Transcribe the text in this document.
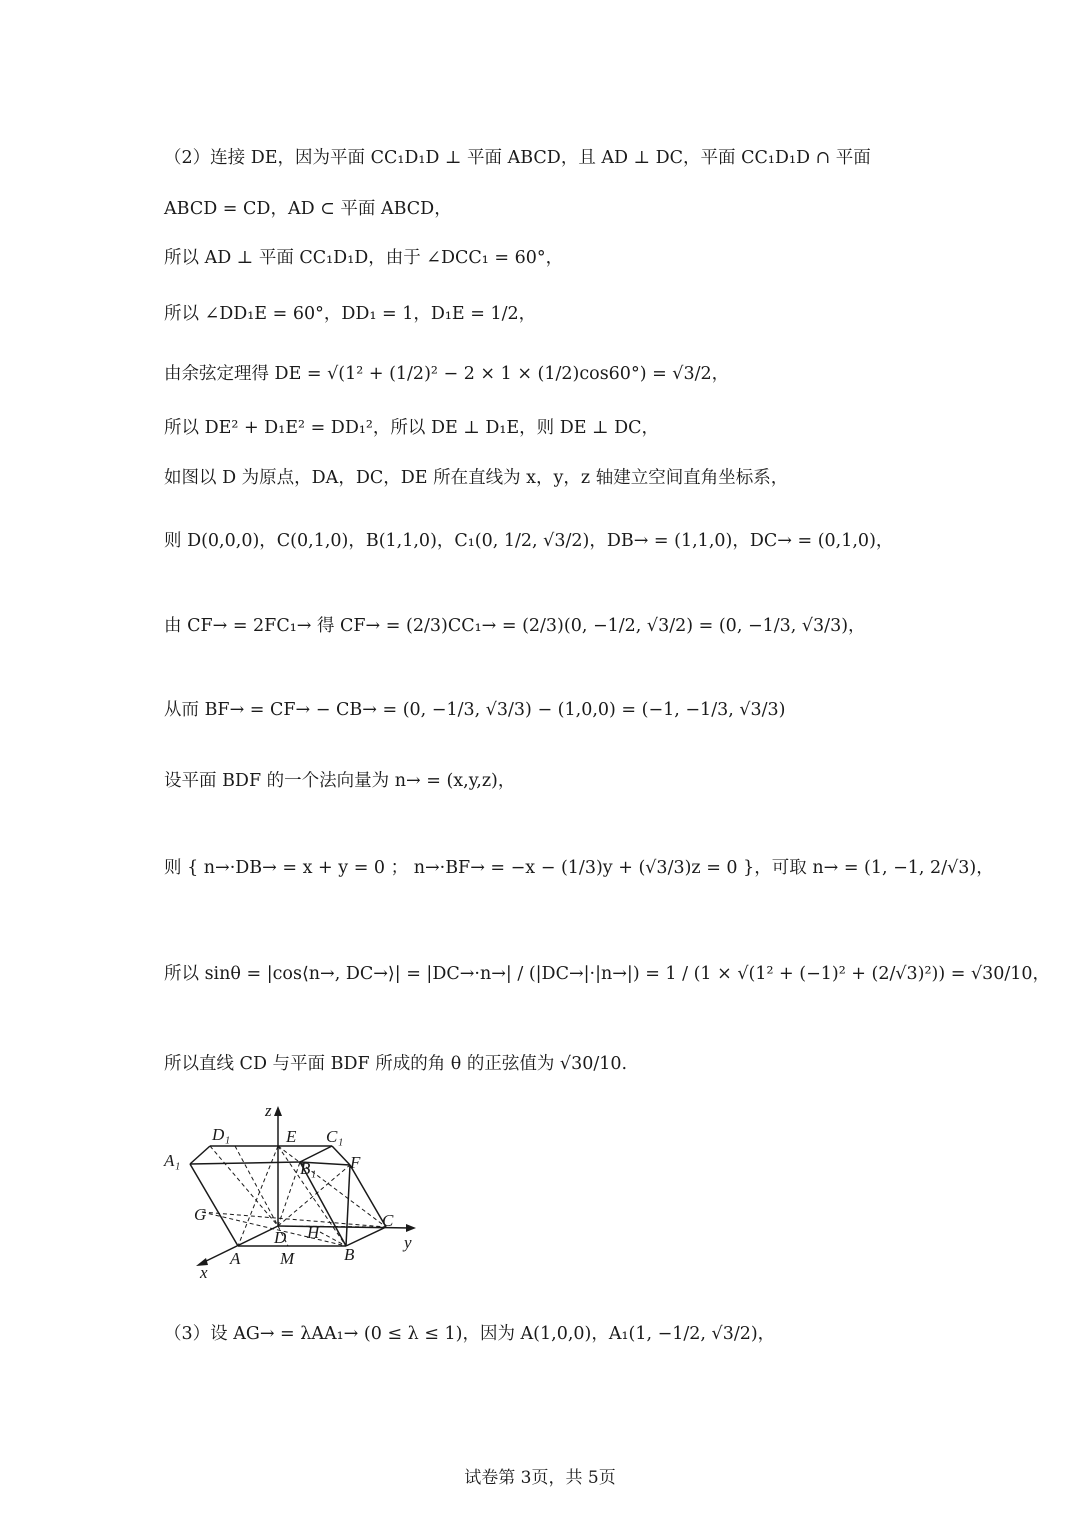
（2）连接 DE，因为平面 CC₁D₁D ⊥ 平面 ABCD，且 AD ⊥ DC，平面 CC₁D₁D ∩ 平面
ABCD = CD，AD ⊂ 平面 ABCD，
所以 AD ⊥ 平面 CC₁D₁D，由于 ∠DCC₁ = 60°，
所以 ∠DD₁E = 60°，DD₁ = 1，D₁E = 1/2，
由余弦定理得 DE = √(1² + (1/2)² − 2 × 1 × (1/2)cos60°) = √3/2，
所以 DE² + D₁E² = DD₁²，所以 DE ⊥ D₁E，则 DE ⊥ DC，
如图以 D 为原点，DA，DC，DE 所在直线为 x，y，z 轴建立空间直角坐标系，
则 D(0,0,0)，C(0,1,0)，B(1,1,0)，C₁(0, 1/2, √3/2)，DB→ = (1,1,0)，DC→ = (0,1,0)，
由 CF→ = 2FC₁→ 得 CF→ = (2/3)CC₁→ = (2/3)(0, −1/2, √3/2) = (0, −1/3, √3/3)，
从而 BF→ = CF→ − CB→ = (0, −1/3, √3/3) − (1,0,0) = (−1, −1/3, √3/3)
设平面 BDF 的一个法向量为 n→ = (x,y,z)，
则 { n→·DB→ = x + y = 0 ； n→·BF→ = −x − (1/3)y + (√3/3)z = 0 }，可取 n→ = (1, −1, 2/√3)，
所以 sinθ = |cos⟨n→, DC→⟩| = |DC→·n→| / (|DC→|·|n→|) = 1 / (1 × √(1² + (−1)² + (2/√3)²)) = √30/10，
所以直线 CD 与平面 BDF 所成的角 θ 的正弦值为 √30/10.
z
D₁	E C₁
A₁	B₁ F
G
D H
C
y
A M	B
x
（3）设 AG→ = λAA₁→ (0 ≤ λ ≤ 1)，因为 A(1,0,0)，A₁(1, −1/2, √3/2)，
试卷第 3页，共 5页
